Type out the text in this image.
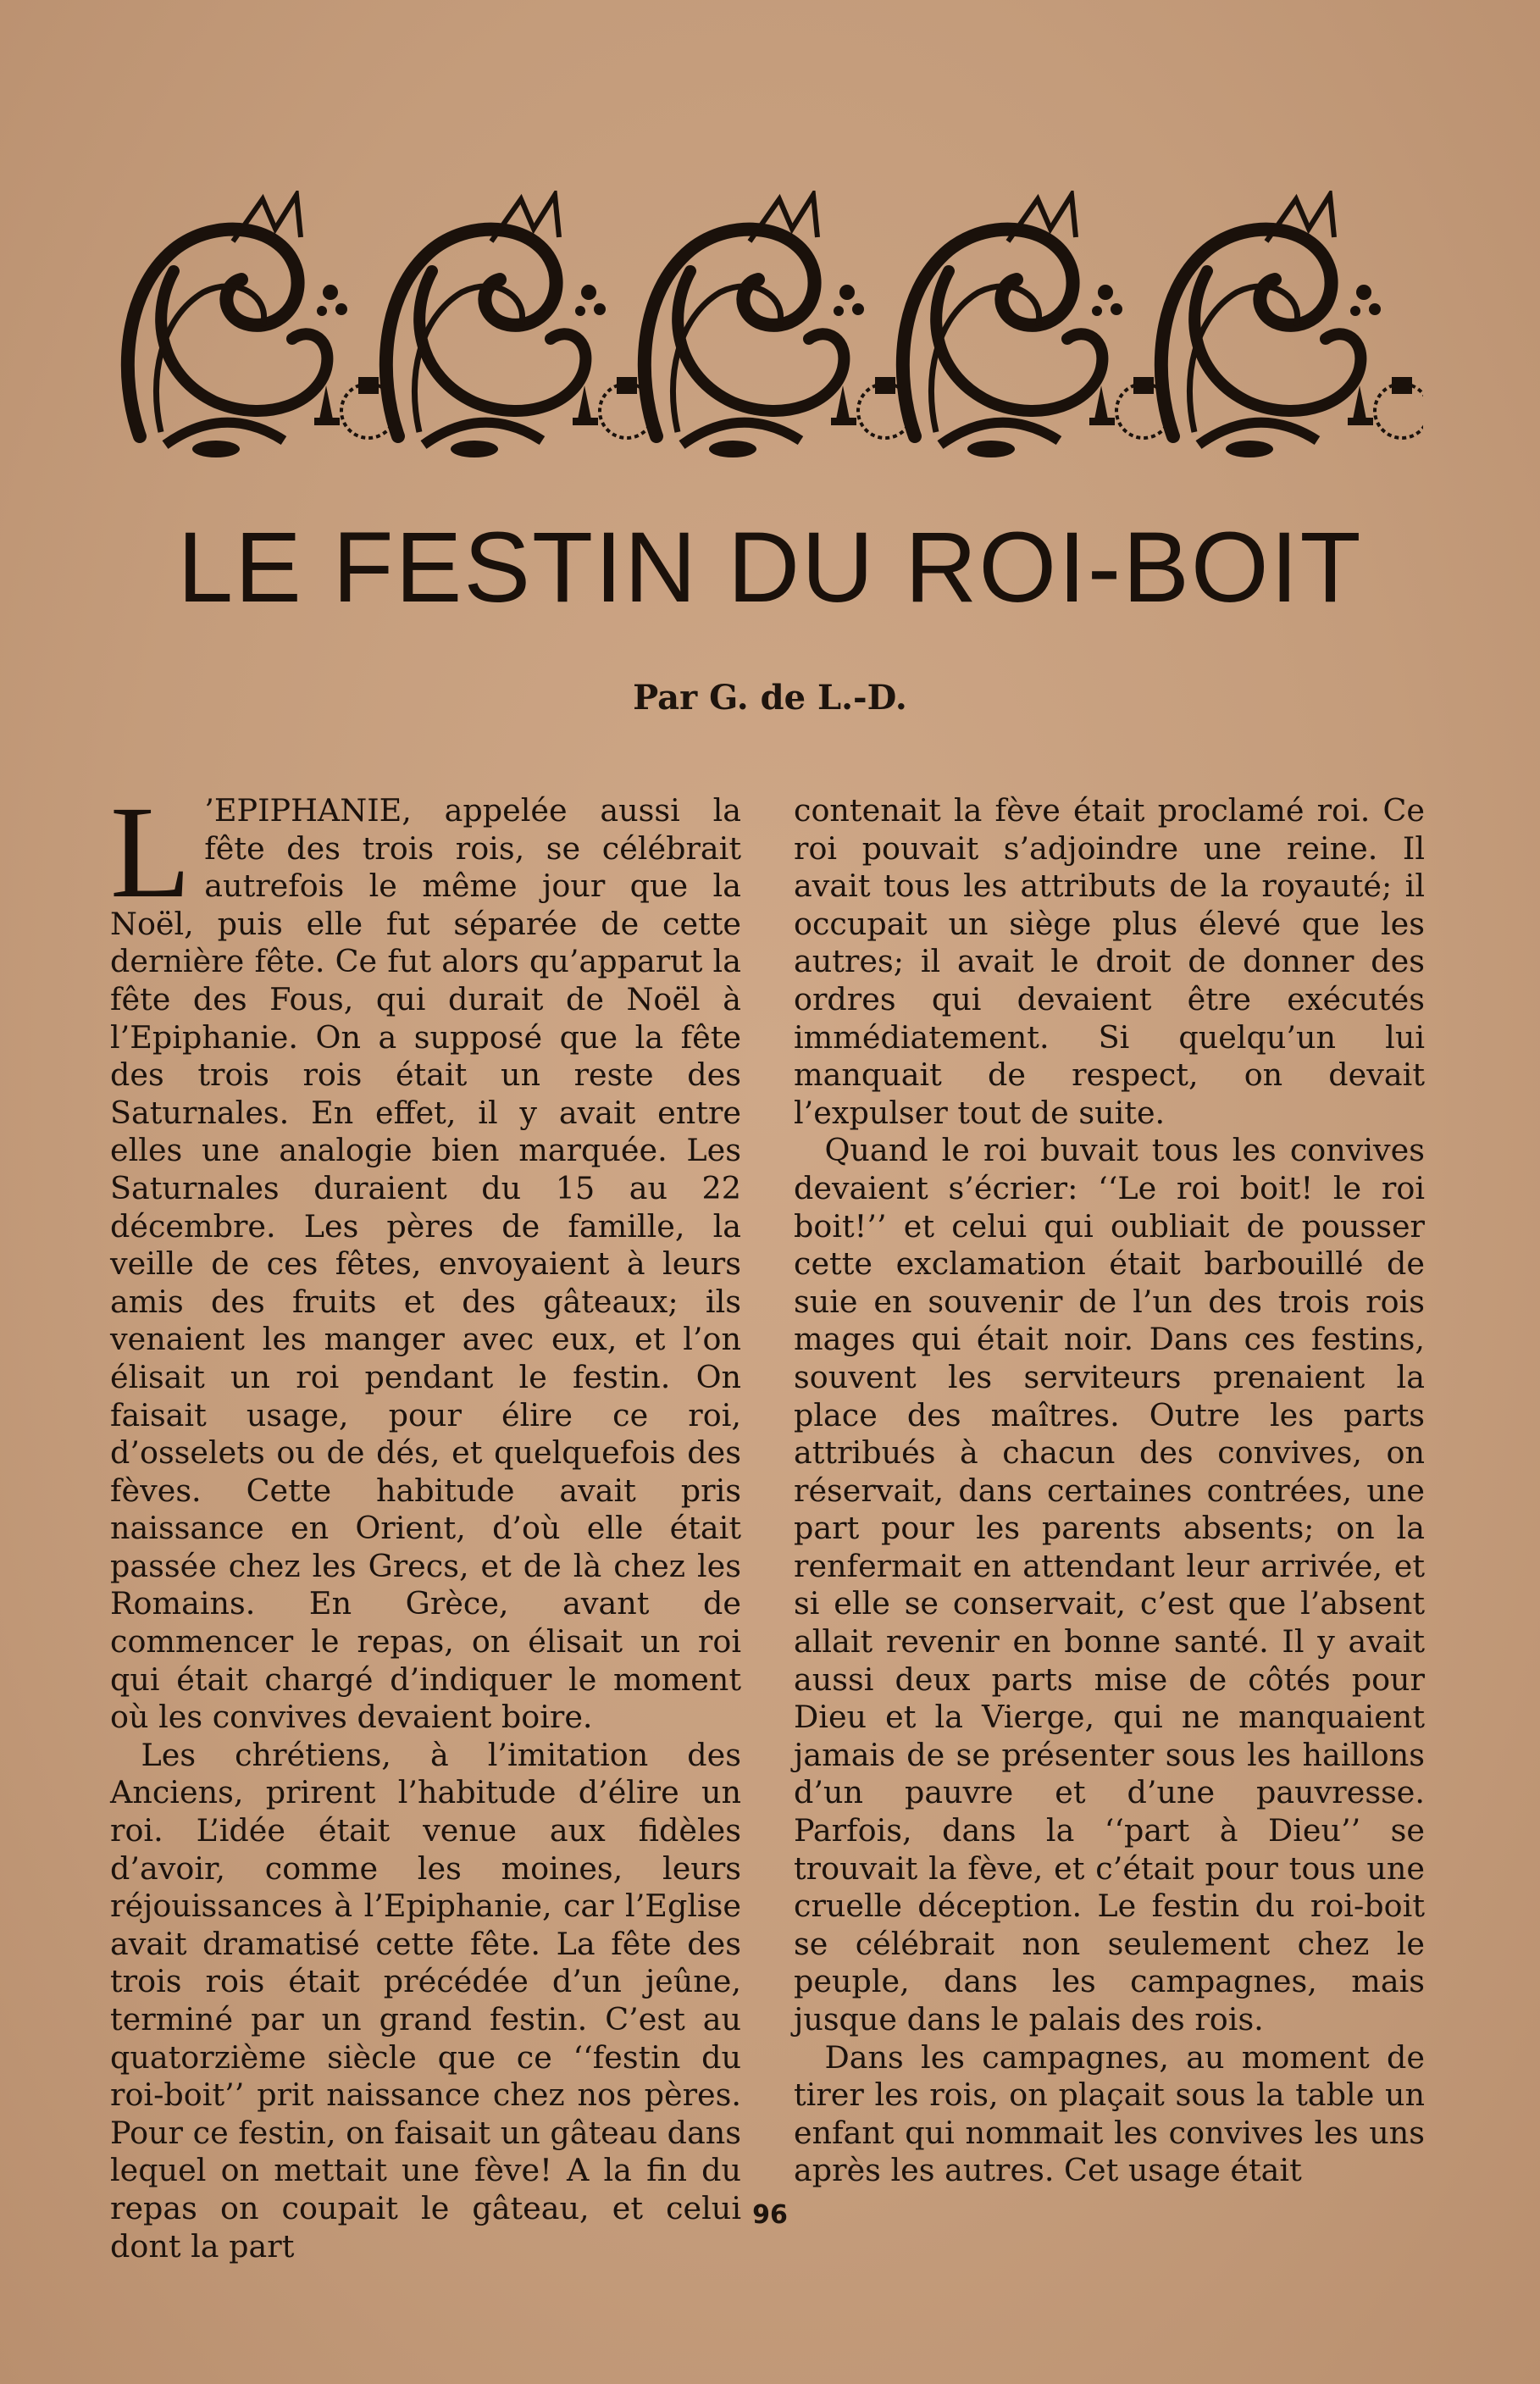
LE FESTIN DU ROI-BOIT
Par G. de L.-D.

L ’EPIPHANIE, appelée aussi la fête des trois rois, se célébrait autrefois le même jour que la Noël, puis elle fut séparée de cette dernière fête. Ce fut alors qu’apparut la fête des Fous, qui durait de Noël à l’Epiphanie. On a supposé que la fête des trois rois était un reste des Saturnales. En effet, il y avait entre elles une analogie bien marquée. Les Saturnales duraient du 15 au 22 décembre. Les pères de famille, la veille de ces fêtes, envoyaient à leurs amis des fruits et des gâteaux; ils venaient les manger avec eux, et l’on élisait un roi pendant le festin. On faisait usage, pour élire ce roi, d’osselets ou de dés, et quelquefois des fèves. Cette habitude avait pris naissance en Orient, d’où elle était passée chez les Grecs, et de là chez les Romains. En Grèce, avant de commencer le repas, on élisait un roi qui était chargé d’indiquer le moment où les convives devaient boire.

Les chrétiens, à l’imitation des Anciens, prirent l’habitude d’élire un roi. L’idée était venue aux fidèles d’avoir, comme les moines, leurs réjouissances à l’Epiphanie, car l’Eglise avait dramatisé cette fête. La fête des trois rois était précédée d’un jeûne, terminé par un grand festin. C’est au quatorzième siècle que ce ‘‘festin du roi-boit’’ prit naissance chez nos pères. Pour ce festin, on faisait un gâteau dans lequel on mettait une fève! A la fin du repas on coupait le gâteau, et celui dont la part

contenait la fève était proclamé roi. Ce roi pouvait s’adjoindre une reine. Il avait tous les attributs de la royauté; il occupait un siège plus élevé que les autres; il avait le droit de donner des ordres qui devaient être exécutés immédiatement. Si quelqu’un lui manquait de respect, on devait l’expulser tout de suite.

Quand le roi buvait tous les convives devaient s’écrier: ‘‘Le roi boit! le roi boit!’’ et celui qui oubliait de pousser cette exclamation était barbouillé de suie en souvenir de l’un des trois rois mages qui était noir. Dans ces festins, souvent les serviteurs prenaient la place des maîtres. Outre les parts attribués à chacun des convives, on réservait, dans certaines contrées, une part pour les parents absents; on la renfermait en attendant leur arrivée, et si elle se conservait, c’est que l’absent allait revenir en bonne santé. Il y avait aussi deux parts mise de côtés pour Dieu et la Vierge, qui ne manquaient jamais de se présenter sous les haillons d’un pauvre et d’une pauvresse. Parfois, dans la ‘‘part à Dieu’’ se trouvait la fève, et c’était pour tous une cruelle déception. Le festin du roi-boit se célébrait non seulement chez le peuple, dans les campagnes, mais jusque dans le palais des rois.

Dans les campagnes, au moment de tirer les rois, on plaçait sous la table un enfant qui nommait les convives les uns après les autres. Cet usage était

96
